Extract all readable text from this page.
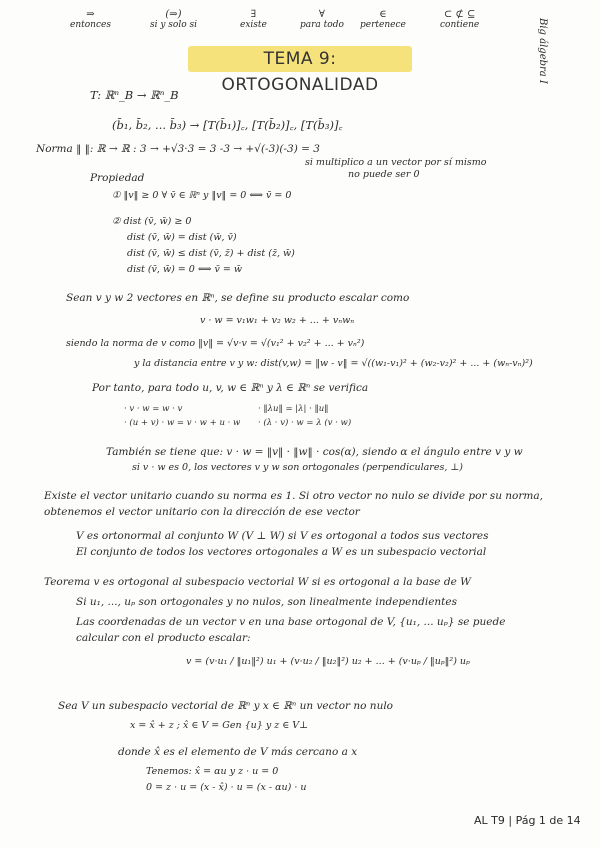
⇒
entonces
(⇒)
si y solo si
∃
existe
∀
para todo
∈
pertenece
⊂ ⊄ ⊆
contiene	Big álgebra I
TEMA 9: ORTOGONALIDAD
T: ℝⁿ_B → ℝⁿ_B
(b̄₁, b̄₂, ... b̄₃) → [T(b̄₁)]꜀, [T(b̄₂)]꜀, [T(b̄₃)]꜀
Norma ‖ ‖: ℝ → ℝ : 3 → +√3·3 = 3 -3 → +√(-3)(-3) = 3
si multiplico a un vector por sí mismo
no puede ser 0
Propiedad
① ‖v‖ ≥ 0 ∀ v̄ ∈ ℝⁿ y ‖v‖ = 0 ⟺ v̄ = 0
② dist (v̄, w̄) ≥ 0
dist (v̄, w̄) = dist (w̄, v̄)
dist (v̄, w̄) ≤ dist (v̄, z̄) + dist (z̄, w̄)
dist (v̄, w̄) = 0 ⟺ v̄ = w̄
Sean v y w 2 vectores en ℝⁿ, se define su producto escalar como
v · w = v₁w₁ + v₂ w₂ + ... + vₙwₙ
siendo la norma de v como ‖v‖ = √v·v = √(v₁² + v₂² + ... + vₙ²)
y la distancia entre v y w: dist(v,w) = ‖w - v‖ = √((w₁-v₁)² + (w₂-v₂)² + ... + (wₙ-vₙ)²)
Por tanto, para todo u, v, w ∈ ℝⁿ y λ ∈ ℝⁿ se verifica
· v · w = w · v
· (u + v) · w = v · w + u · w
· ‖λu‖ = |λ| · ‖u‖
· (λ · v) · w = λ (v · w)
También se tiene que: v · w = ‖v‖ · ‖w‖ · cos(α), siendo α el ángulo entre v y w
si v · w es 0, los vectores v y w son ortogonales (perpendiculares, ⊥)
Existe el vector unitario cuando su norma es 1. Si otro vector no nulo se divide por su norma,
obtenemos el vector unitario con la dirección de ese vector
V es ortonormal al conjunto W (V ⊥ W) si V es ortogonal a todos sus vectores
El conjunto de todos los vectores ortogonales a W es un subespacio vectorial
Teorema v es ortogonal al subespacio vectorial W si es ortogonal a la base de W
Si u₁, ..., uₚ son ortogonales y no nulos, son linealmente independientes
Las coordenadas de un vector v en una base ortogonal de V, {u₁, ... uₚ} se puede
calcular con el producto escalar:
v = (v·u₁ / ‖u₁‖²) u₁ + (v·u₂ / ‖u₂‖²) u₂ + ... + (v·uₚ / ‖uₚ‖²) uₚ
Sea V un subespacio vectorial de ℝⁿ y x ∈ ℝⁿ un vector no nulo
x = x̂ + z ; x̂ ∈ V = Gen {u} y z ∈ V⊥
donde x̂ es el elemento de V más cercano a x
Tenemos: x̂ = αu y z · u = 0
0 = z · u = (x - x̂) · u = (x - αu) · u
AL T9 | Pág 1 de 14
